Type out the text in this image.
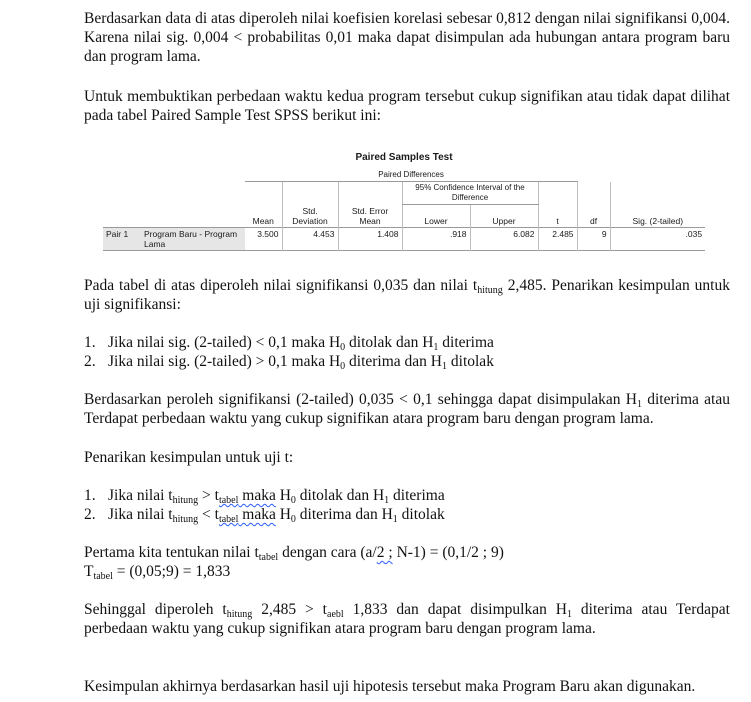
Berdasarkan data di atas diperoleh nilai koefisien korelasi sebesar 0,812 dengan nilai signifikansi 0,004. Karena nilai sig. 0,004 < probabilitas 0,01 maka dapat disimpulan ada hubungan antara program baru dan program lama.

Untuk membuktikan perbedaan waktu kedua program tersebut cukup signifikan atau tidak dapat dilihat pada tabel Paired Sample Test SPSS berikut ini:

Paired Samples Test
		Paired Differences							
					95% Confidence Interval of the Difference				
		Mean	Std. Deviation	Std. Error Mean	Lower	Upper	t	df	Sig. (2-tailed)
Pair 1	Program Baru - Program Lama	3.500	4.453	1.408	.918	6.082	2.485	9	.035

Pada tabel di atas diperoleh nilai signifikansi 0,035 dan nilai $t_{hitung}$ 2,485. Penarikan kesimpulan untuk uji signifikansi:

1. Jika nilai sig. (2-tailed) < 0,1 maka $H_0$ ditolak dan $H_1$ diterima
2. Jika nilai sig. (2-tailed) > 0,1 maka $H_0$ diterima dan $H_1$ ditolak

Berdasarkan peroleh signifikansi (2-tailed) 0,035 < 0,1 sehingga dapat disimpulakan $H_1$ diterima atau Terdapat perbedaan waktu yang cukup signifikan atara program baru dengan program lama.

Penarikan kesimpulan untuk uji t:

1. Jika nilai $t_{hitung} > t_{tabel}$ maka $H_0$ ditolak dan $H_1$ diterima
2. Jika nilai $t_{hitung} < t_{tabel}$ maka $H_0$ diterima dan $H_1$ ditolak
Pertama kita tentukan nilai $t_{tabel}$ dengan cara (a/2 ; N-1) = (0,1/2 ; 9)
$T_{tabel}$ = (0,05;9) = 1,833

Sehinggal diperoleh $t_{hitung}$ $2,485 > t_{aebl}$ 1,833 dan dapat disimpulkan $H_1$ diterima atau Terdapat perbedaan waktu yang cukup signifikan atara program baru dengan program lama.

Kesimpulan akhirnya berdasarkan hasil uji hipotesis tersebut maka Program Baru akan digunakan.
